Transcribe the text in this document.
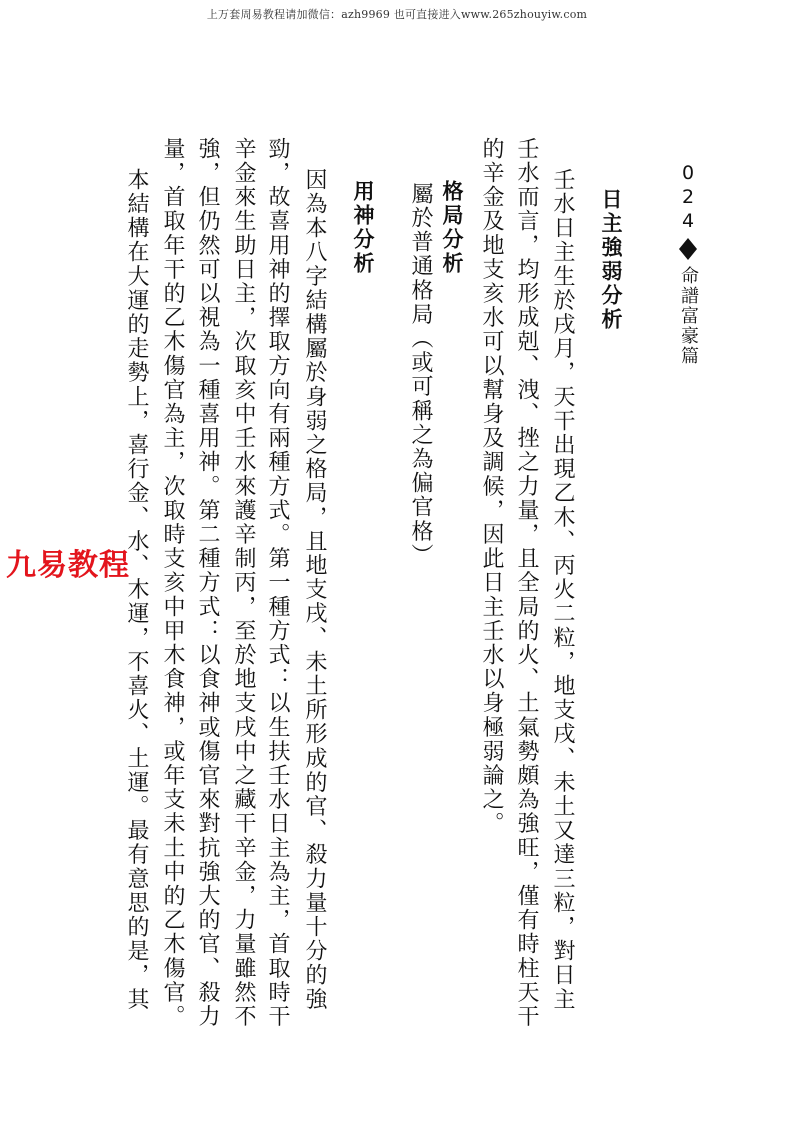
上万套周易教程请加微信：azh9969 也可直接进入www.265zhouyiw.com
024
命譜富豪篇
日主強弱分析
壬水日主生於戌月，天干出現乙木、丙火二粒，地支戌、未土又達三粒，對日主
壬水而言，均形成剋、洩、挫之力量，且全局的火、土氣勢頗為強旺，僅有時柱天干
的辛金及地支亥水可以幫身及調候，因此日主壬水以身極弱論之。
格局分析
屬於普通格局（或可稱之為偏官格）
用神分析
因為本八字結構屬於身弱之格局，且地支戌、未土所形成的官、殺力量十分的強
勁，故喜用神的擇取方向有兩種方式。第一種方式：以生扶壬水日主為主，首取時干
辛金來生助日主，次取亥中壬水來護辛制丙，至於地支戌中之藏干辛金，力量雖然不
強，但仍然可以視為一種喜用神。第二種方式：以食神或傷官來對抗強大的官、殺力
量，首取年干的乙木傷官為主，次取時支亥中甲木食神，或年支未土中的乙木傷官。
本結構在大運的走勢上，喜行金、水、木運，不喜火、土運。最有意思的是，其
九易教程
